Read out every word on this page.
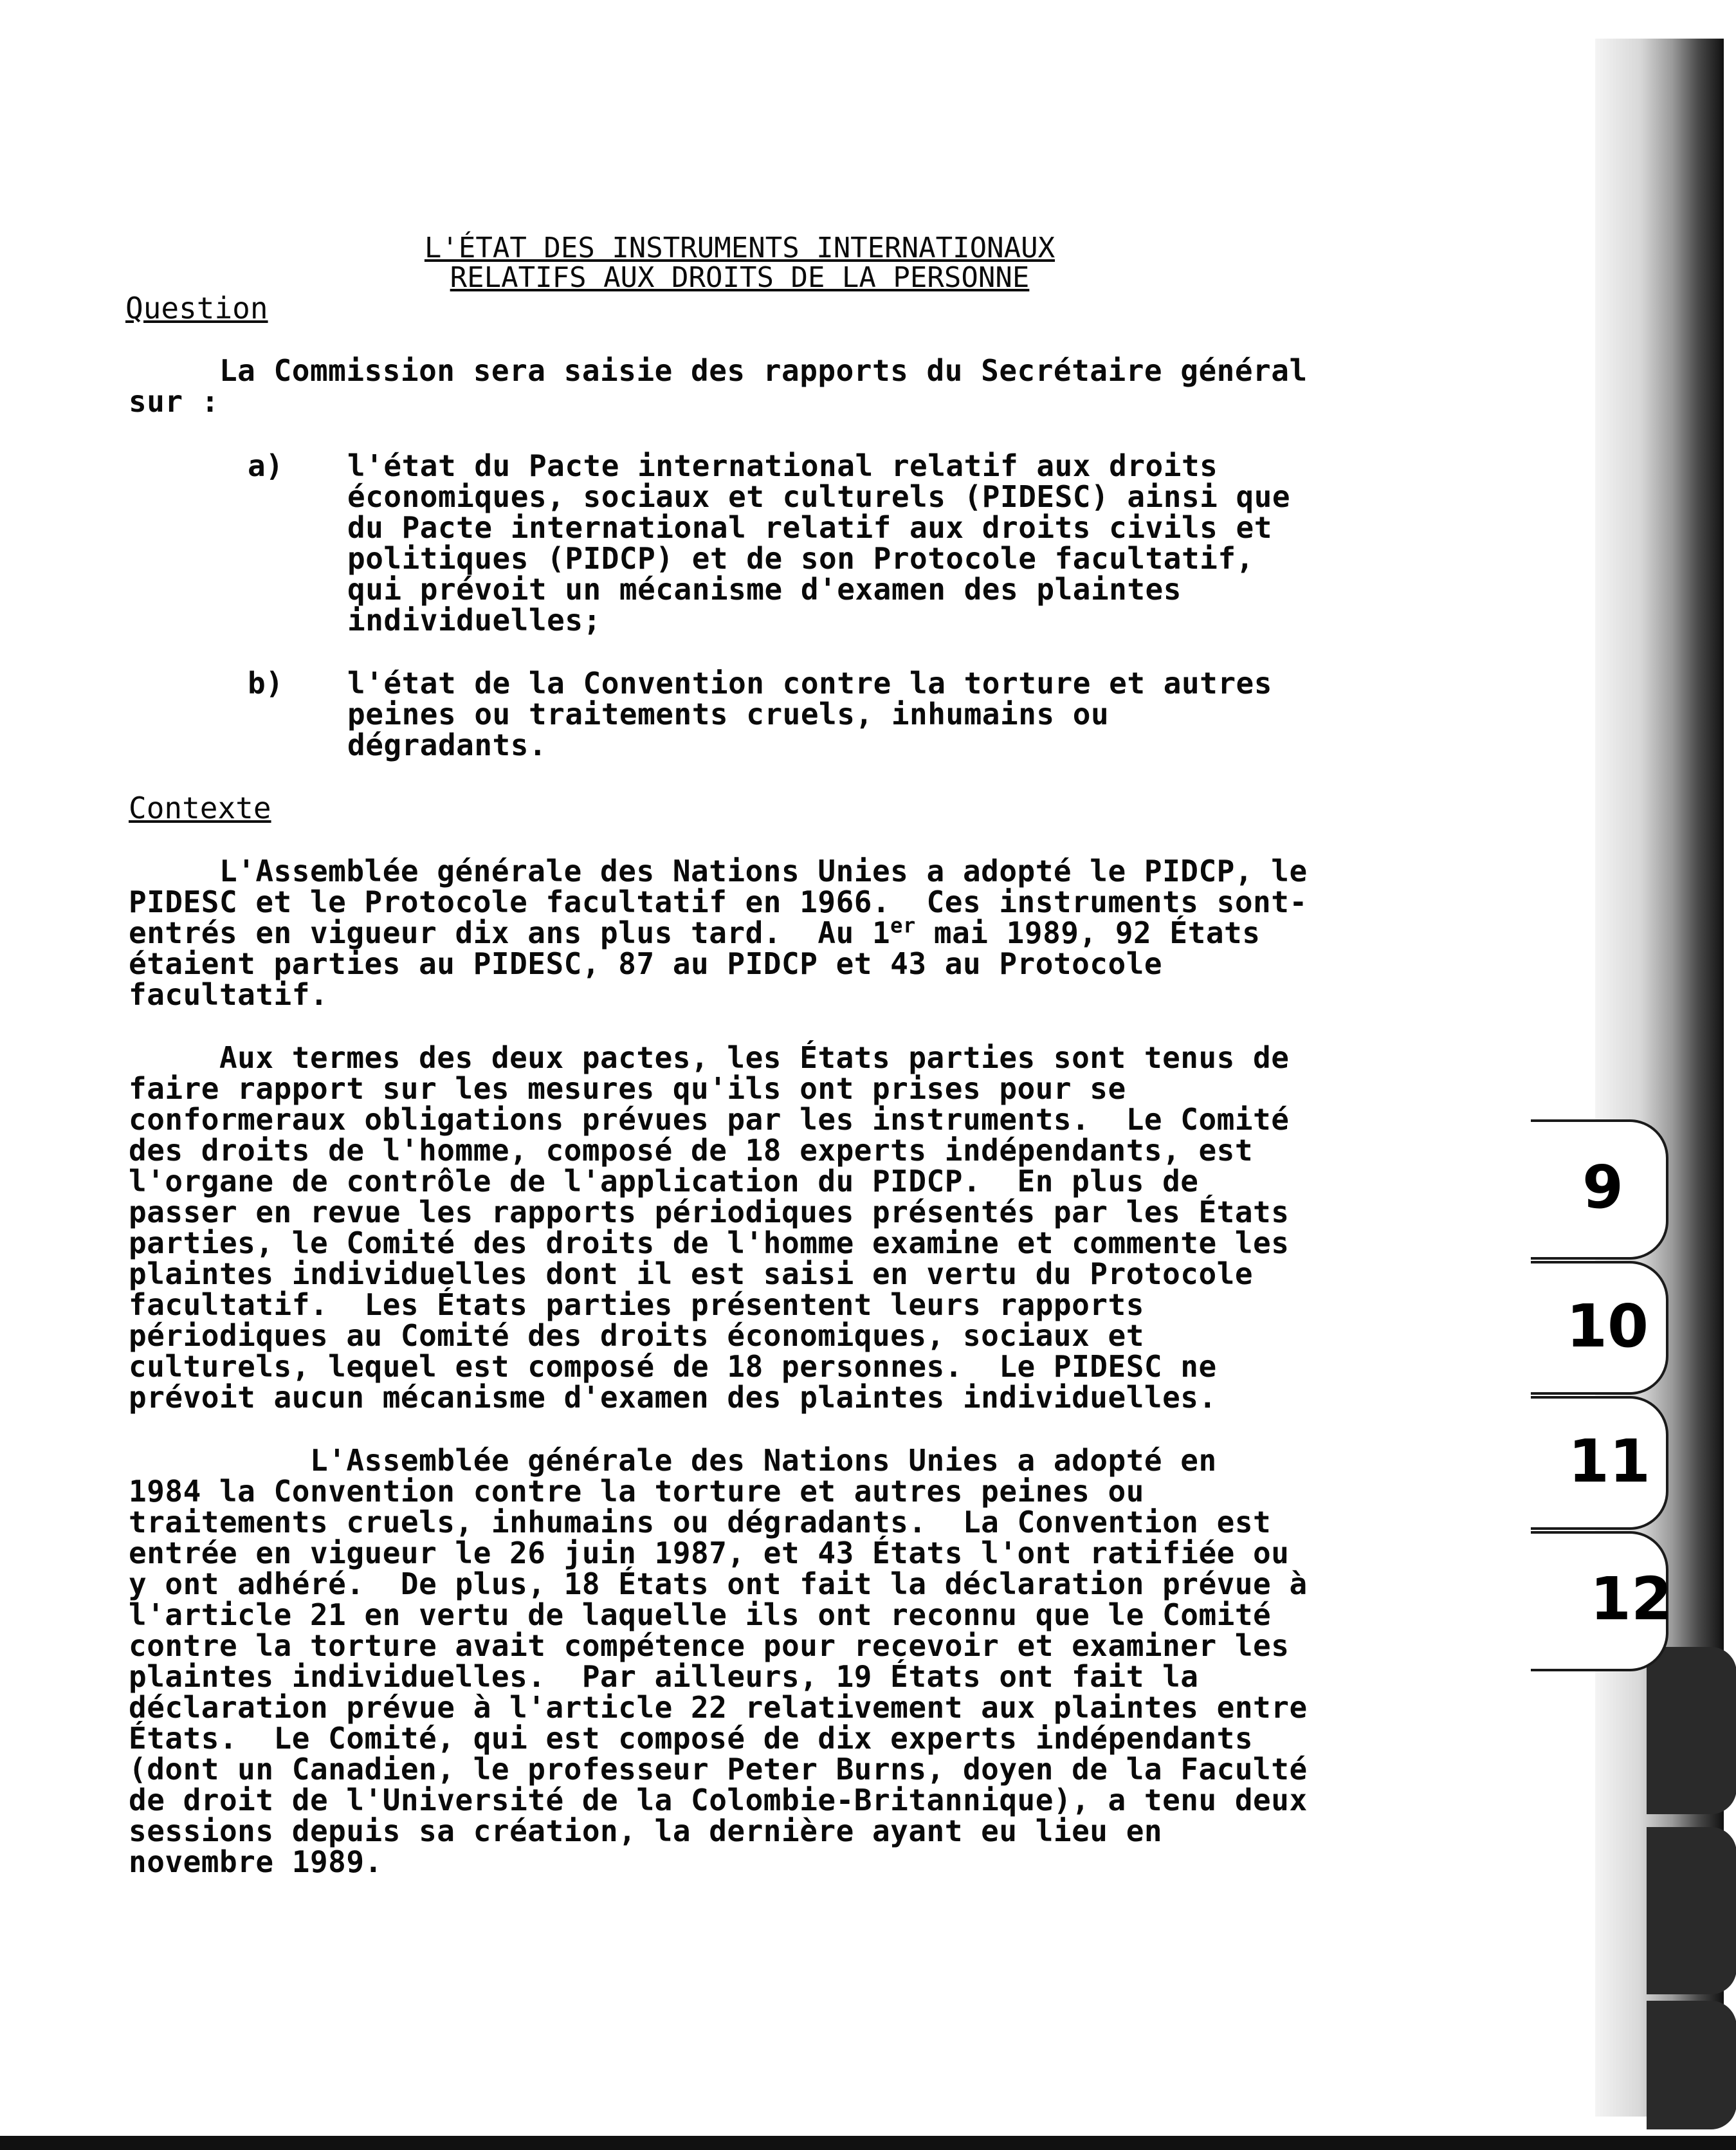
9
10
11
12
L'ÉTAT DES INSTRUMENTS INTERNATIONAUX
RELATIFS AUX DROITS DE LA PERSONNE
Question
La Commission sera saisie des rapports du Secrétaire général
sur :
a) l'état du Pacte international relatif aux droits
économiques, sociaux et culturels (PIDESC) ainsi que
du Pacte international relatif aux droits civils et
politiques (PIDCP) et de son Protocole facultatif,
qui prévoit un mécanisme d'examen des plaintes
individuelles;
b) l'état de la Convention contre la torture et autres
peines ou traitements cruels, inhumains ou
dégradants.
Contexte
L'Assemblée générale des Nations Unies a adopté le PIDCP, le
PIDESC et le Protocole facultatif en 1966.  Ces instruments sont-
entrés en vigueur dix ans plus tard.  Au 1er mai 1989, 92 États
étaient parties au PIDESC, 87 au PIDCP et 43 au Protocole
facultatif.
Aux termes des deux pactes, les États parties sont tenus de
faire rapport sur les mesures qu'ils ont prises pour se
conformeraux obligations prévues par les instruments.  Le Comité
des droits de l'homme, composé de 18 experts indépendants, est
l'organe de contrôle de l'application du PIDCP.  En plus de
passer en revue les rapports périodiques présentés par les États
parties, le Comité des droits de l'homme examine et commente les
plaintes individuelles dont il est saisi en vertu du Protocole
facultatif.  Les États parties présentent leurs rapports
périodiques au Comité des droits économiques, sociaux et
culturels, lequel est composé de 18 personnes.  Le PIDESC ne
prévoit aucun mécanisme d'examen des plaintes individuelles.
L'Assemblée générale des Nations Unies a adopté en
1984 la Convention contre la torture et autres peines ou
traitements cruels, inhumains ou dégradants.  La Convention est
entrée en vigueur le 26 juin 1987, et 43 États l'ont ratifiée ou
y ont adhéré.  De plus, 18 États ont fait la déclaration prévue à
l'article 21 en vertu de laquelle ils ont reconnu que le Comité
contre la torture avait compétence pour recevoir et examiner les
plaintes individuelles.  Par ailleurs, 19 États ont fait la
déclaration prévue à l'article 22 relativement aux plaintes entre
États.  Le Comité, qui est composé de dix experts indépendants
(dont un Canadien, le professeur Peter Burns, doyen de la Faculté
de droit de l'Université de la Colombie-Britannique), a tenu deux
sessions depuis sa création, la dernière ayant eu lieu en
novembre 1989.
